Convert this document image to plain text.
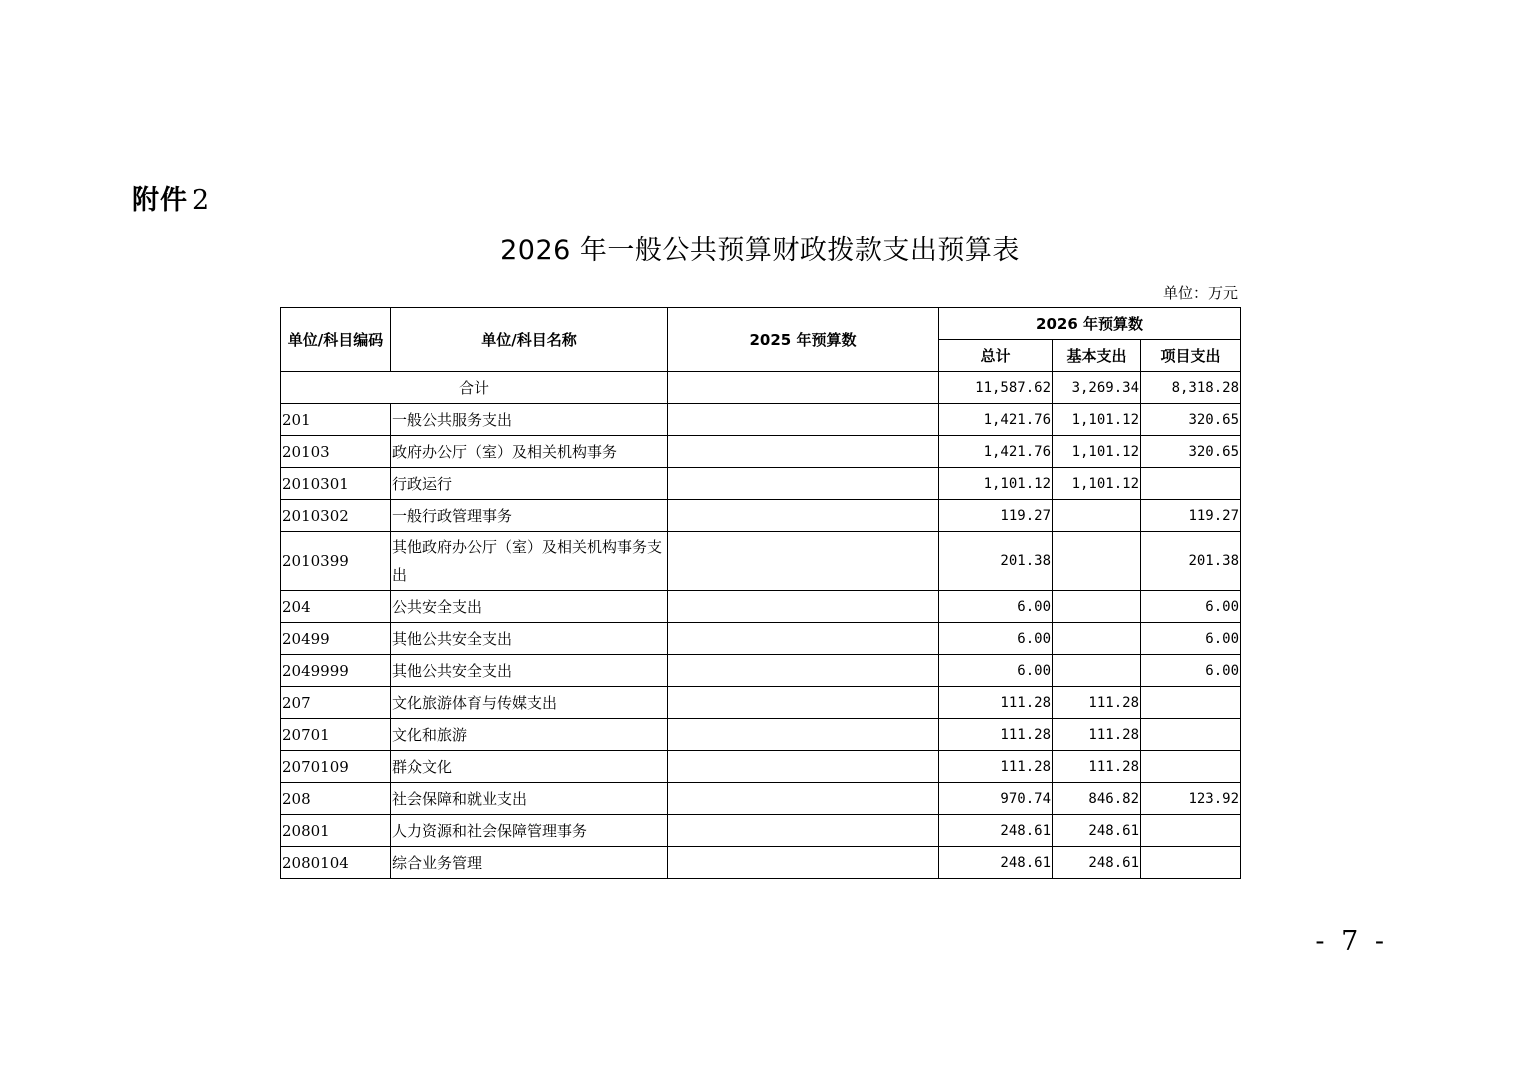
附件 2
2026 年一般公共预算财政拨款支出预算表
单位：万元
单位/科目编码	单位/科目名称	2025 年预算数	2026 年预算数		
			总计	基本支出	项目支出
合计			11,587.62	3,269.34	8,318.28
201	一般公共服务支出		1,421.76	1,101.12	320.65
20103	政府办公厅（室）及相关机构事务		1,421.76	1,101.12	320.65
2010301	行政运行		1,101.12	1,101.12	
2010302	一般行政管理事务		119.27		119.27
2010399	其他政府办公厅（室）及相关机构事务支出		201.38		201.38
204	公共安全支出		6.00		6.00
20499	其他公共安全支出		6.00		6.00
2049999	其他公共安全支出		6.00		6.00
207	文化旅游体育与传媒支出		111.28	111.28	
20701	文化和旅游		111.28	111.28	
2070109	群众文化		111.28	111.28	
208	社会保障和就业支出		970.74	846.82	123.92
20801	人力资源和社会保障管理事务		248.61	248.61	
2080104	综合业务管理		248.61	248.61	
- 7 -
